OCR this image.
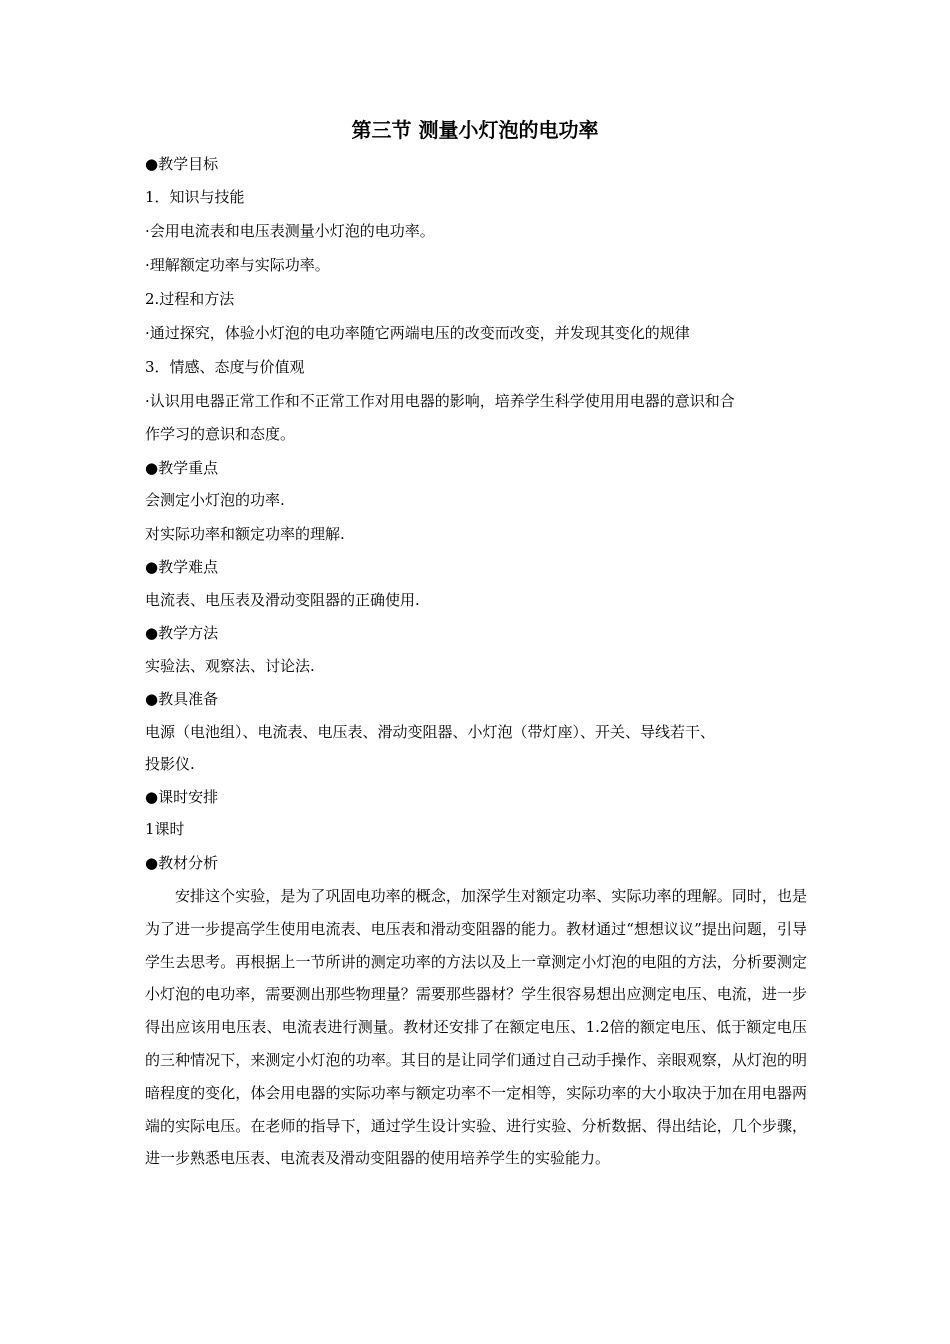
第三节 测量小灯泡的电功率
●教学目标
1．知识与技能
·会用电流表和电压表测量小灯泡的电功率。
·理解额定功率与实际功率。
2.过程和方法
·通过探究，体验小灯泡的电功率随它两端电压的改变而改变，并发现其变化的规律
3．情感、态度与价值观
·认识用电器正常工作和不正常工作对用电器的影响，培养学生科学使用用电器的意识和合
作学习的意识和态度。
●教学重点
会测定小灯泡的功率.
对实际功率和额定功率的理解.
●教学难点
电流表、电压表及滑动变阻器的正确使用.
●教学方法
实验法、观察法、讨论法.
●教具准备
电源（电池组）、电流表、电压表、滑动变阻器、小灯泡（带灯座）、开关、导线若干、
投影仪.
●课时安排
1课时
●教材分析
安排这个实验，是为了巩固电功率的概念，加深学生对额定功率、实际功率的理解。同时，也是为了进一步提高学生使用电流表、电压表和滑动变阻器的能力。教材通过“想想议议”提出问题，引导学生去思考。再根据上一节所讲的测定功率的方法以及上一章测定小灯泡的电阻的方法，分析要测定小灯泡的电功率，需要测出那些物理量？需要那些器材？学生很容易想出应测定电压、电流，进一步得出应该用电压表、电流表进行测量。教材还安排了在额定电压、1.2倍的额定电压、低于额定电压的三种情况下，来测定小灯泡的功率。其目的是让同学们通过自己动手操作、亲眼观察，从灯泡的明暗程度的变化，体会用电器的实际功率与额定功率不一定相等，实际功率的大小取决于加在用电器两端的实际电压。在老师的指导下，通过学生设计实验、进行实验、分析数据、得出结论，几个步骤，进一步熟悉电压表、电流表及滑动变阻器的使用培养学生的实验能力。
